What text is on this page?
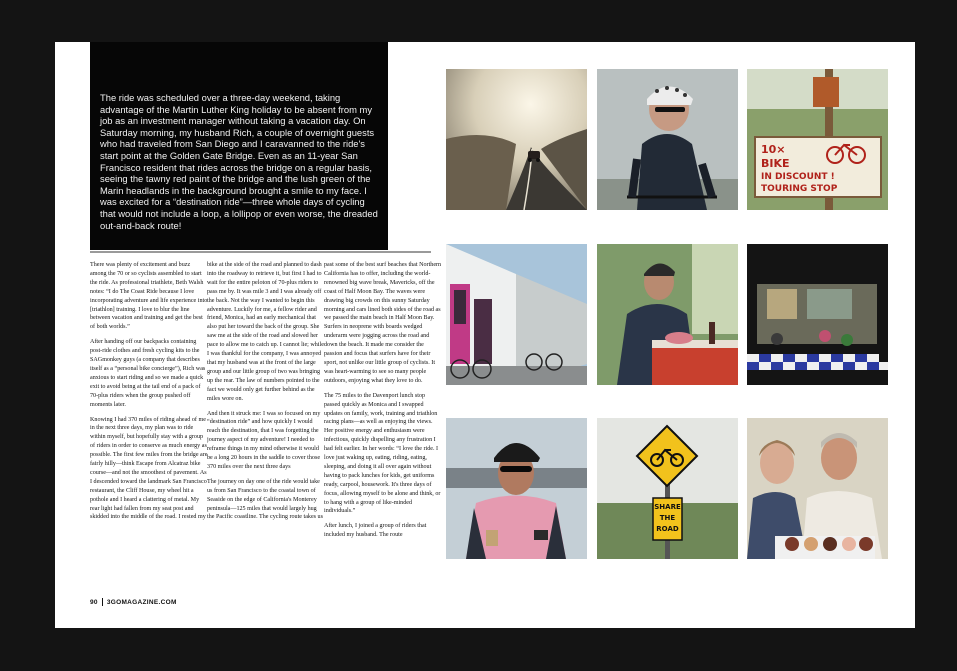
The ride was scheduled over a three-day weekend, taking advantage of the Martin Luther King holiday to be absent from my job as an investment manager without taking a vacation day. On Saturday morning, my husband Rich, a couple of overnight guests who had traveled from San Diego and I caravanned to the ride's start point at the Golden Gate Bridge. Even as an 11-year San Francisco resident that rides across the bridge on a regular basis, seeing the tawny red paint of the bridge and the lush green of the Marin headlands in the background brought a smile to my face. I was excited for a “destination ride”—three whole days of cycling that would not include a loop, a lollipop or even worse, the dreaded out-and-back route!

There was plenty of excitement and buzz among the 70 or so cyclists assembled to start the ride. As professional triathlete, Beth Walsh notes: “I do The Coast Ride because I love incorporating adventure and life experience into [triathlon] training. I love to blur the line between vacation and training and get the best of both worlds.”

After handing off our backpacks containing post-ride clothes and fresh cycling kits to the SAGmonkey guys (a company that describes itself as a “personal bike concierge”), Rich was anxious to start riding and so we made a quick exit to avoid being at the tail end of a pack of 70-plus riders when the group pushed off moments later.

Knowing I had 370 miles of riding ahead of me in the next three days, my plan was to ride within myself, but hopefully stay with a group of riders in order to conserve as much energy as possible. The first few miles from the bridge are fairly hilly—think Escape from Alcatraz bike course—and not the smoothest of pavement. As I descended toward the landmark San Francisco restaurant, the Cliff House, my wheel hit a pothole and I heard a clattering of metal. My rear light had fallen from my seat post and skidded into the middle of the road. I rested my

bike at the side of the road and planned to dash into the roadway to retrieve it, but first I had to wait for the entire peloton of 70-plus riders to pass me by. It was mile 3 and I was already off the back. Not the way I wanted to begin this adventure. Luckily for me, a fellow rider and friend, Monica, had an early mechanical that also put her toward the back of the group. She saw me at the side of the road and slowed her pace to allow me to catch up. I cannot lie; while I was thankful for the company, I was annoyed that my husband was at the front of the large group and our little group of two was bringing up the rear. The law of numbers pointed to the fact we would only get further behind as the miles wore on.

And then it struck me: I was so focused on my “destination ride” and how quickly I would reach the destination, that I was forgetting the journey aspect of my adventure! I needed to reframe things in my mind otherwise it would be a long 20 hours in the saddle to cover those 370 miles over the next three days

The journey on day one of the ride would take us from San Francisco to the coastal town of Seaside on the edge of California's Monterey peninsula—125 miles that would largely hug the Pacific coastline. The cycling route takes us

past some of the best surf beaches that Northern California has to offer, including the world-renowned big wave break, Mavericks, off the coast of Half Moon Bay. The waves were drawing big crowds on this sunny Saturday morning and cars lined both sides of the road as we passed the main beach in Half Moon Bay. Surfers in neoprene with boards wedged underarm were jogging across the road and down the beach. It made me consider the passion and focus that surfers have for their sport, not unlike our little group of cyclists. It was heart-warming to see so many people outdoors, enjoying what they love to do.

The 75 miles to the Davenport lunch stop passed quickly as Monica and I swapped updates on family, work, training and triathlon racing plans—as well as enjoying the views. Her positive energy and enthusiasm were infectious, quickly dispelling any frustration I had felt earlier. In her words: “I love the ride. I love just waking up, eating, riding, eating, sleeping, and doing it all over again without having to pack lunches for kids, get uniforms ready, carpool, housework. It's three days of focus, allowing myself to be alone and think, or to hang with a group of like-minded individuals.”

After lunch, I joined a group of riders that included my husband. The route

90 3GOMAGAZINE.COM
10×
BIKE
IN DISCOUNT !
TOURING STOP
SHARE
THE
ROAD
